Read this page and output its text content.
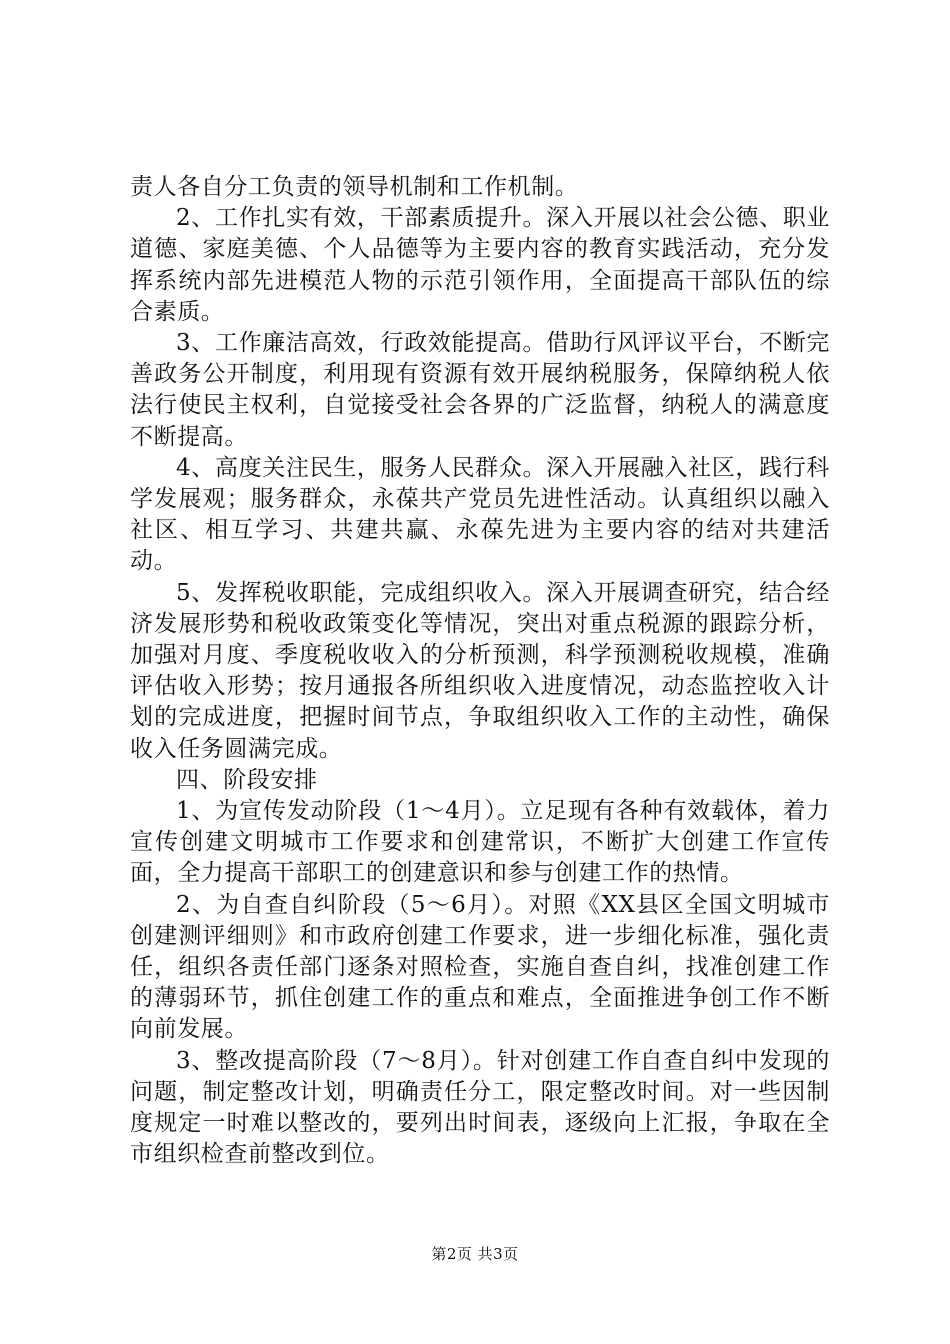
责人各自分工负责的领导机制和工作机制。

2、工作扎实有效，干部素质提升。深入开展以社会公德、职业道德、家庭美德、个人品德等为主要内容的教育实践活动，充分发挥系统内部先进模范人物的示范引领作用，全面提高干部队伍的综合素质。

3、工作廉洁高效，行政效能提高。借助行风评议平台，不断完善政务公开制度，利用现有资源有效开展纳税服务，保障纳税人依法行使民主权利，自觉接受社会各界的广泛监督，纳税人的满意度不断提高。

4、高度关注民生，服务人民群众。深入开展融入社区，践行科学发展观；服务群众，永葆共产党员先进性活动。认真组织以融入社区、相互学习、共建共赢、永葆先进为主要内容的结对共建活动。

5、发挥税收职能，完成组织收入。深入开展调查研究，结合经济发展形势和税收政策变化等情况，突出对重点税源的跟踪分析，加强对月度、季度税收收入的分析预测，科学预测税收规模，准确评估收入形势；按月通报各所组织收入进度情况，动态监控收入计划的完成进度，把握时间节点，争取组织收入工作的主动性，确保收入任务圆满完成。

四、阶段安排

1、为宣传发动阶段（1～4月）。立足现有各种有效载体，着力宣传创建文明城市工作要求和创建常识，不断扩大创建工作宣传面，全力提高干部职工的创建意识和参与创建工作的热情。

2、为自查自纠阶段（5～6月）。对照《XX县区全国文明城市创建测评细则》和市政府创建工作要求，进一步细化标准，强化责任，组织各责任部门逐条对照检查，实施自查自纠，找准创建工作的薄弱环节，抓住创建工作的重点和难点，全面推进争创工作不断向前发展。

3、整改提高阶段（7～8月）。针对创建工作自查自纠中发现的问题，制定整改计划，明确责任分工，限定整改时间。对一些因制度规定一时难以整改的，要列出时间表，逐级向上汇报，争取在全市组织检查前整改到位。

第2页 共3页
